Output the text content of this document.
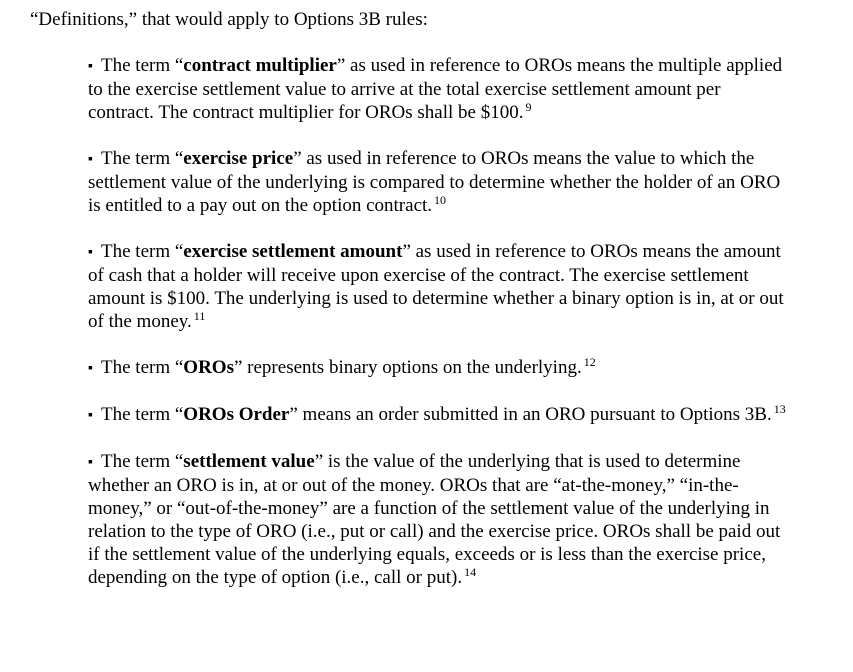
“Definitions,” that would apply to Options 3B rules:

▪ The term “contract multiplier” as used in reference to OROs means the multiple applied to the exercise settlement value to arrive at the total exercise settlement amount per contract. The contract multiplier for OROs shall be $100. $^9$

▪ The term “exercise price” as used in reference to OROs means the value to which the settlement value of the underlying is compared to determine whether the holder of an ORO is entitled to a pay out on the option contract. $^{10}$

▪ The term “exercise settlement amount” as used in reference to OROs means the amount of cash that a holder will receive upon exercise of the contract. The exercise settlement amount is $100. The underlying is used to determine whether a binary option is in, at or out of the money. $^{11}$

▪ The term “OROs” represents binary options on the underlying. $^{12}$

▪ The term “OROs Order” means an order submitted in an ORO pursuant to Options 3B. $^{13}$

▪ The term “settlement value” is the value of the underlying that is used to determine whether an ORO is in, at or out of the money. OROs that are “at-the-money,” “in-the-money,” or “out-of-the-money” are a function of the settlement value of the underlying in relation to the type of ORO (i.e., put or call) and the exercise price. OROs shall be paid out if the settlement value of the underlying equals, exceeds or is less than the exercise price, depending on the type of option (i.e., call or put). $^{14}$
